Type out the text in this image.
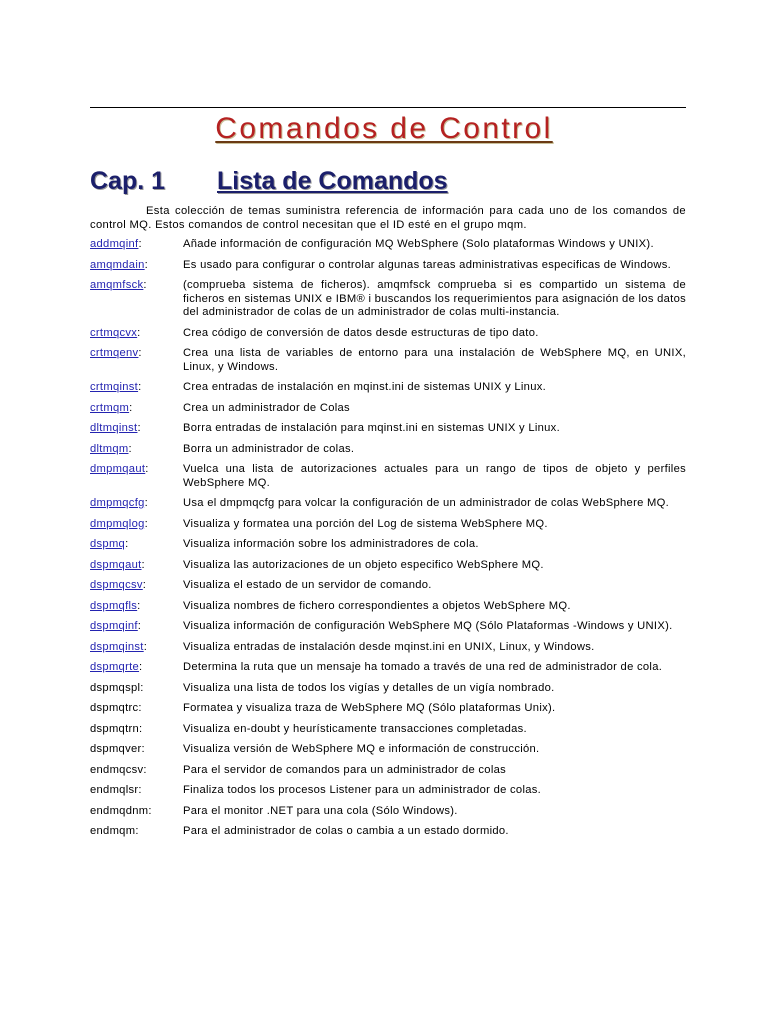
Comandos de Control
Cap. 1 Lista de Comandos
Esta colección de temas suministra referencia de información para cada uno de los comandos de control MQ. Estos comandos de control necesitan que el ID esté en el grupo mqm.
addmqinf:	Añade información de configuración MQ WebSphere (Solo plataformas Windows y UNIX).
amqmdain:	Es usado para configurar o controlar algunas tareas administrativas especificas de Windows.
amqmfsck:	(comprueba sistema de ficheros). amqmfsck comprueba si es compartido un sistema de ficheros en sistemas UNIX e IBM® i buscandos los requerimientos para asignación de los datos del administrador de colas de un administrador de colas multi-instancia.
crtmqcvx:	Crea código de conversión de datos desde estructuras de tipo dato.
crtmqenv:	Crea una lista de variables de entorno para una instalación de WebSphere MQ, en UNIX, Linux, y Windows.
crtmqinst:	Crea entradas de instalación en mqinst.ini de sistemas UNIX y Linux.
crtmqm:	Crea un administrador de Colas
dltmqinst:	Borra entradas de instalación para mqinst.ini en sistemas UNIX y Linux.
dltmqm:	Borra un administrador de colas.
dmpmqaut:	Vuelca una lista de autorizaciones actuales para un rango de tipos de objeto y perfiles WebSphere MQ.
dmpmqcfg:	Usa el dmpmqcfg para volcar la configuración de un administrador de colas WebSphere MQ.
dmpmqlog:	Visualiza y formatea una porción del Log de sistema WebSphere MQ.
dspmq:	Visualiza información sobre los administradores de cola.
dspmqaut:	Visualiza las autorizaciones de un objeto especifico WebSphere MQ.
dspmqcsv:	Visualiza el estado de un servidor de comando.
dspmqfls:	Visualiza nombres de fichero correspondientes a objetos WebSphere MQ.
dspmqinf:	Visualiza información de configuración WebSphere MQ (Sólo Plataformas -Windows y UNIX).
dspmqinst:	Visualiza entradas de instalación desde mqinst.ini en UNIX, Linux, y Windows.
dspmqrte:	Determina la ruta que un mensaje ha tomado a través de una red de administrador de cola.
dspmqspl:	Visualiza una lista de todos los vigías y detalles de un vigía nombrado.
dspmqtrc:	Formatea y visualiza traza de WebSphere MQ (Sólo plataformas Unix).
dspmqtrn:	Visualiza en-doubt y heurísticamente transacciones completadas.
dspmqver:	Visualiza versión de WebSphere MQ e información de construcción.
endmqcsv:	Para el servidor de comandos para un administrador de colas
endmqlsr:	Finaliza todos los procesos Listener para un administrador de colas.
endmqdnm:	Para el monitor .NET para una cola (Sólo Windows).
endmqm:	Para el administrador de colas o cambia a un estado dormido.
